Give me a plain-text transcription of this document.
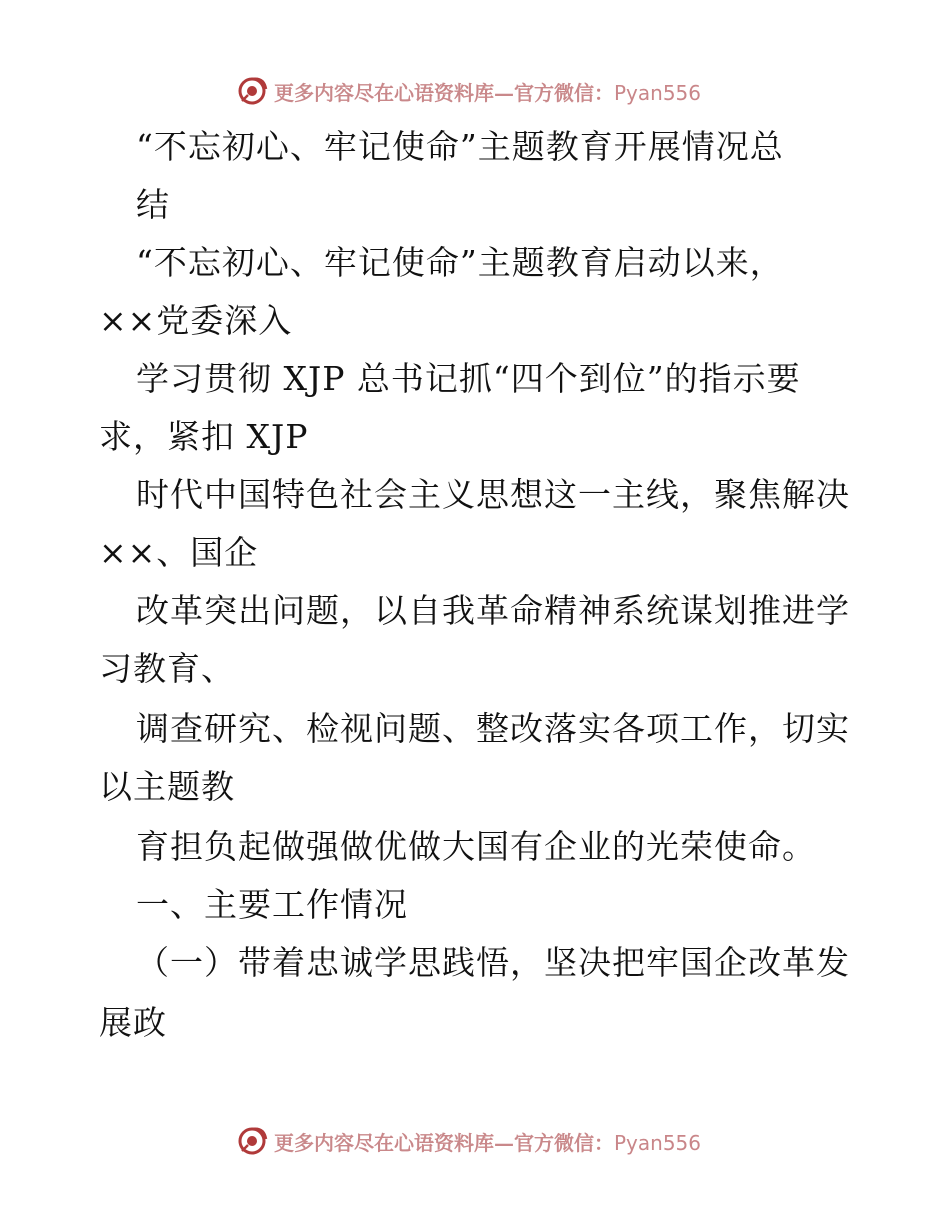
更多内容尽在心语资料库—官方微信：Pyan556

“不忘初心、牢记使命”主题教育开展情况总

结

“不忘初心、牢记使命”主题教育启动以来，

××党委深入

学习贯彻 XJP 总书记抓“四个到位”的指示要

求，紧扣 XJP

时代中国特色社会主义思想这一主线，聚焦解决

××、国企

改革突出问题，以自我革命精神系统谋划推进学

习教育、

调查研究、检视问题、整改落实各项工作，切实

以主题教

育担负起做强做优做大国有企业的光荣使命。

一、主要工作情况

（一）带着忠诚学思践悟，坚决把牢国企改革发

展政

更多内容尽在心语资料库—官方微信：Pyan556
